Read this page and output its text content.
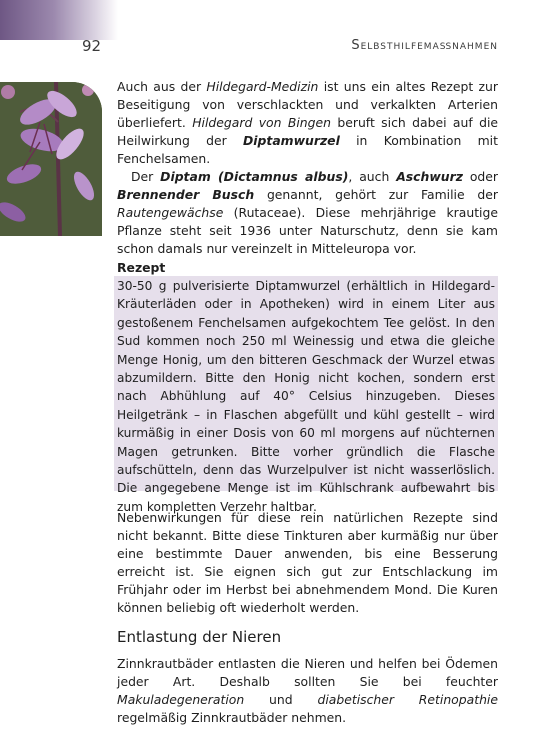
92	Selbsthilfemaßnahmen

Auch aus der Hildegard-Medizin ist uns ein altes Rezept zur Beseitigung von verschlackten und verkalkten Arterien überliefert. Hildegard von Bingen beruft sich dabei auf die Heilwirkung der Diptamwurzel in Kombination mit Fenchelsamen.

Der Diptam (Dictamnus albus), auch Aschwurz oder Brennender Busch genannt, gehört zur Familie der Rautengewächse (Rutaceae). Diese mehrjährige krautige Pflanze steht seit 1936 unter Naturschutz, denn sie kam schon damals nur vereinzelt in Mitteleuropa vor.

Rezept
30-50 g pulverisierte Diptamwurzel (erhältlich in Hildegard-Kräuterläden oder in Apotheken) wird in einem Liter aus gestoßenem Fenchelsamen aufgekochtem Tee gelöst. In den Sud kommen noch 250 ml Weinessig und etwa die gleiche Menge Honig, um den bitteren Geschmack der Wurzel etwas abzumildern. Bitte den Honig nicht kochen, sondern erst nach Abhühlung auf 40° Celsius hinzugeben. Dieses Heilgetränk – in Flaschen abgefüllt und kühl gestellt – wird kurmäßig in einer Dosis von 60 ml morgens auf nüchternen Magen getrunken. Bitte vorher gründlich die Flasche aufschütteln, denn das Wurzelpulver ist nicht wasserlöslich. Die angegebene Menge ist im Kühlschrank aufbewahrt bis zum kompletten Verzehr haltbar.
Nebenwirkungen für diese rein natürlichen Rezepte sind nicht bekannt. Bitte diese Tinkturen aber kurmäßig nur über eine bestimmte Dauer anwenden, bis eine Besserung erreicht ist. Sie eignen sich gut zur Entschlackung im Frühjahr oder im Herbst bei abnehmendem Mond. Die Kuren können beliebig oft wiederholt werden.
Entlastung der Nieren
Zinnkrautbäder entlasten die Nieren und helfen bei Ödemen jeder Art. Deshalb sollten Sie bei feuchter Makuladegeneration und diabetischer Retinopathie regelmäßig Zinnkrautbäder nehmen.
